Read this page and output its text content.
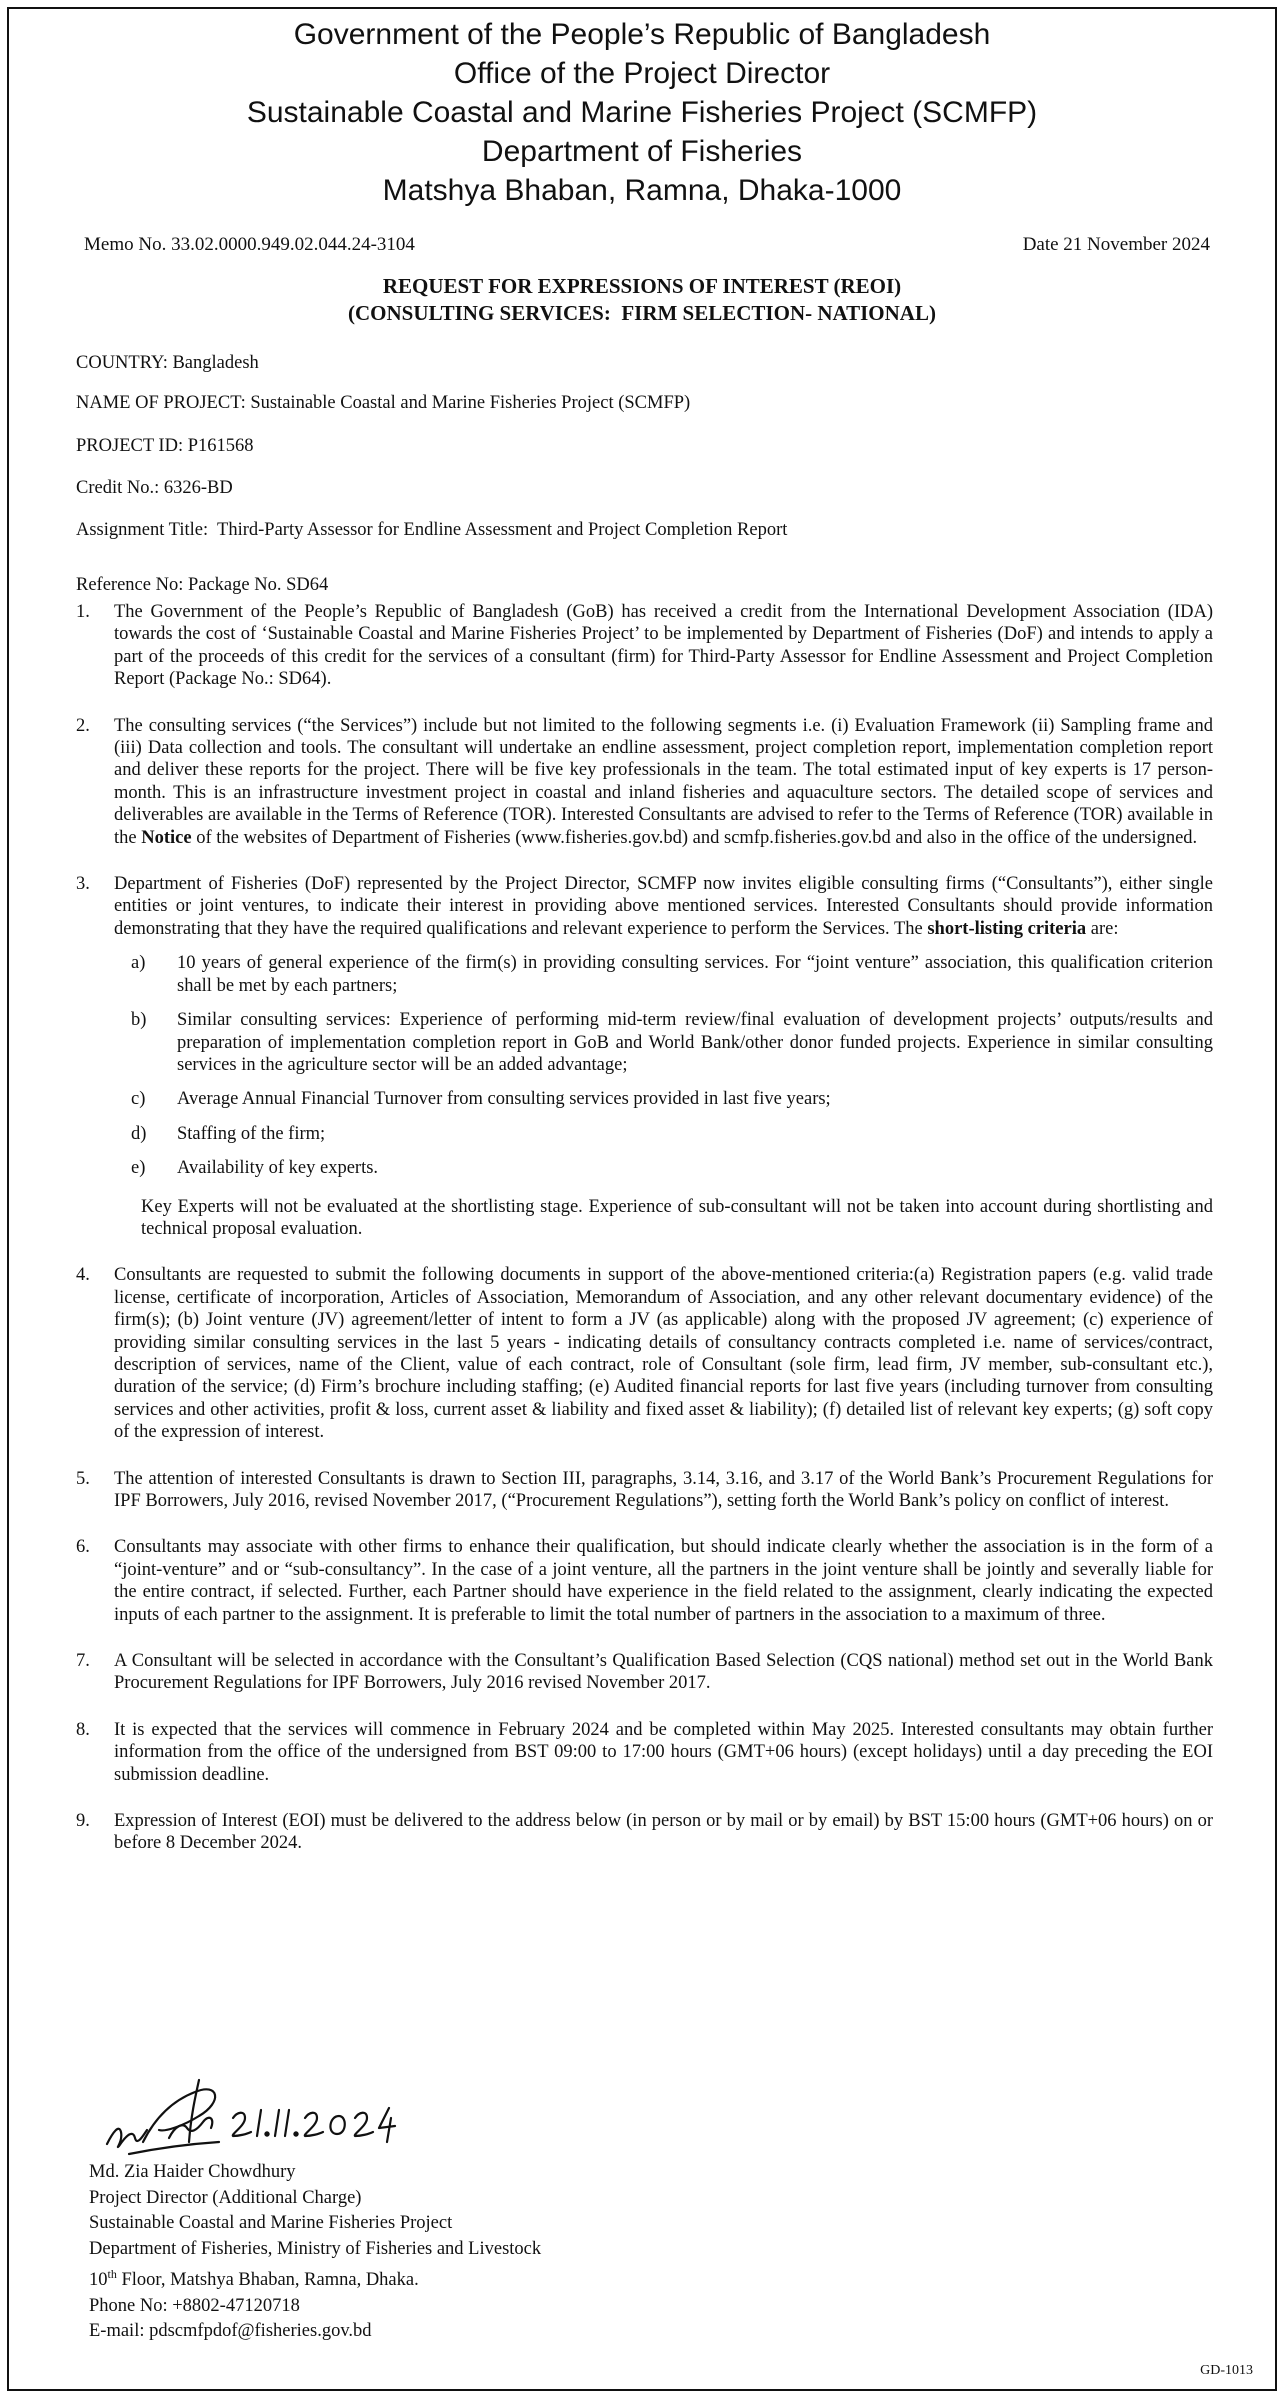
Government of the People’s Republic of Bangladesh
Office of the Project Director
Sustainable Coastal and Marine Fisheries Project (SCMFP)
Department of Fisheries
Matshya Bhaban, Ramna, Dhaka-1000
Memo No. 33.02.0000.949.02.044.24-3104	Date 21 November 2024
REQUEST FOR EXPRESSIONS OF INTEREST (REOI)
(CONSULTING SERVICES:  FIRM SELECTION- NATIONAL)
COUNTRY: Bangladesh
NAME OF PROJECT: Sustainable Coastal and Marine Fisheries Project (SCMFP)
PROJECT ID: P161568
Credit No.: 6326-BD
Assignment Title:  Third-Party Assessor for Endline Assessment and Project Completion Report
Reference No: Package No. SD64
1. The Government of the People’s Republic of Bangladesh (GoB) has received a credit from the International Development Association (IDA) towards the cost of ‘Sustainable Coastal and Marine Fisheries Project’ to be implemented by Department of Fisheries (DoF) and intends to apply a part of the proceeds of this credit for the services of a consultant (firm) for Third-Party Assessor for Endline Assessment and Project Completion Report (Package No.: SD64).
2. The consulting services (“the Services”) include but not limited to the following segments i.e. (i) Evaluation Framework (ii) Sampling frame and (iii) Data collection and tools. The consultant will undertake an endline assessment, project completion report, implementation completion report and deliver these reports for the project. There will be five key professionals in the team. The total estimated input of key experts is 17 person-month. This is an infrastructure investment project in coastal and inland fisheries and aquaculture sectors. The detailed scope of services and deliverables are available in the Terms of Reference (TOR). Interested Consultants are advised to refer to the Terms of Reference (TOR) available in the Notice of the websites of Department of Fisheries (www.fisheries.gov.bd) and scmfp.fisheries.gov.bd and also in the office of the undersigned.
3. Department of Fisheries (DoF) represented by the Project Director, SCMFP now invites eligible consulting firms (“Consultants”), either single entities or joint ventures, to indicate their interest in providing above mentioned services. Interested Consultants should provide information demonstrating that they have the required qualifications and relevant experience to perform the Services. The short-listing criteria are:
a) 10 years of general experience of the firm(s) in providing consulting services. For “joint venture” association, this qualification criterion shall be met by each partners;
b) Similar consulting services: Experience of performing mid-term review/final evaluation of development projects’ outputs/results and preparation of implementation completion report in GoB and World Bank/other donor funded projects. Experience in similar consulting services in the agriculture sector will be an added advantage;
c) Average Annual Financial Turnover from consulting services provided in last five years;
d) Staffing of the firm;
e) Availability of key experts.
Key Experts will not be evaluated at the shortlisting stage. Experience of sub-consultant will not be taken into account during shortlisting and technical proposal evaluation.
4. Consultants are requested to submit the following documents in support of the above-mentioned criteria:(a) Registration papers (e.g. valid trade license, certificate of incorporation, Articles of Association, Memorandum of Association, and any other relevant documentary evidence) of the firm(s); (b) Joint venture (JV) agreement/letter of intent to form a JV (as applicable) along with the proposed JV agreement; (c) experience of providing similar consulting services in the last 5 years - indicating details of consultancy contracts completed i.e. name of services/contract, description of services, name of the Client, value of each contract, role of Consultant (sole firm, lead firm, JV member, sub-consultant etc.), duration of the service; (d) Firm’s brochure including staffing; (e) Audited financial reports for last five years (including turnover from consulting services and other activities, profit & loss, current asset & liability and fixed asset & liability); (f) detailed list of relevant key experts; (g) soft copy of the expression of interest.
5. The attention of interested Consultants is drawn to Section III, paragraphs, 3.14, 3.16, and 3.17 of the World Bank’s Procurement Regulations for IPF Borrowers, July 2016, revised November 2017, (“Procurement Regulations”), setting forth the World Bank’s policy on conflict of interest.
6. Consultants may associate with other firms to enhance their qualification, but should indicate clearly whether the association is in the form of a “joint-venture” and or “sub-consultancy”. In the case of a joint venture, all the partners in the joint venture shall be jointly and severally liable for the entire contract, if selected. Further, each Partner should have experience in the field related to the assignment, clearly indicating the expected inputs of each partner to the assignment. It is preferable to limit the total number of partners in the association to a maximum of three.
7. A Consultant will be selected in accordance with the Consultant’s Qualification Based Selection (CQS national) method set out in the World Bank Procurement Regulations for IPF Borrowers, July 2016 revised November 2017.
8. It is expected that the services will commence in February 2024 and be completed within May 2025. Interested consultants may obtain further information from the office of the undersigned from BST 09:00 to 17:00 hours (GMT+06 hours) (except holidays) until a day preceding the EOI submission deadline.
9. Expression of Interest (EOI) must be delivered to the address below (in person or by mail or by email) by BST 15:00 hours (GMT+06 hours) on or before 8 December 2024.
Md. Zia Haider Chowdhury
Project Director (Additional Charge)
Sustainable Coastal and Marine Fisheries Project
Department of Fisheries, Ministry of Fisheries and Livestock
10th Floor, Matshya Bhaban, Ramna, Dhaka.
Phone No: +8802-47120718
E-mail: pdscmfpdof@fisheries.gov.bd
GD-1013
